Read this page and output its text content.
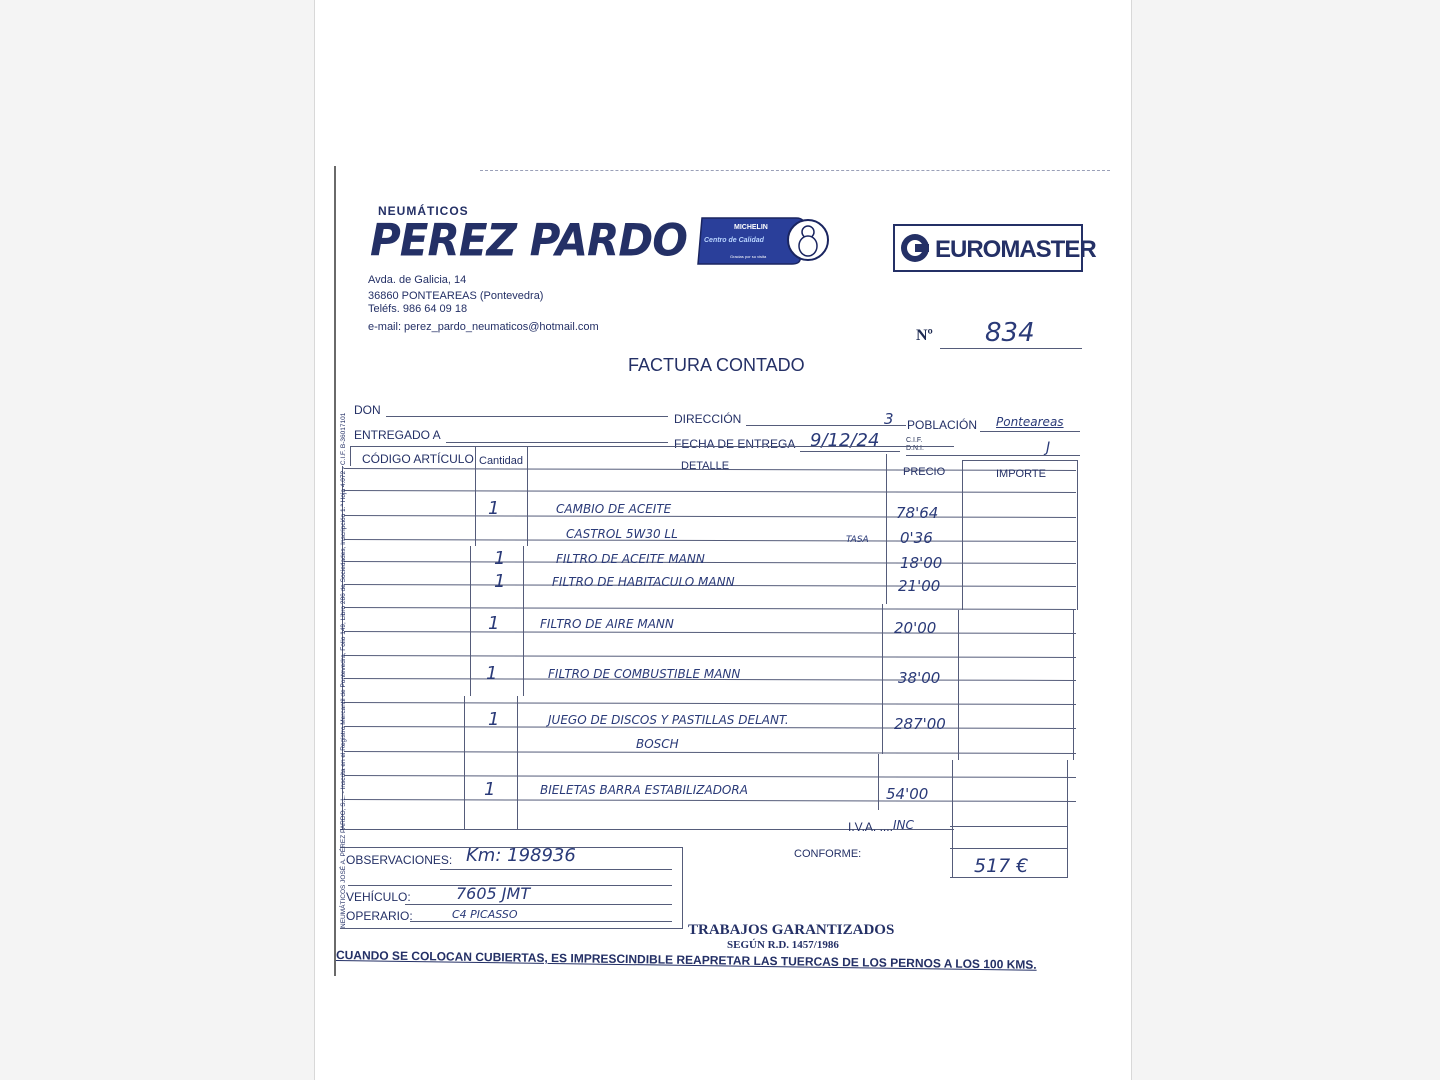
NEUMÁTICOS
PEREZ PARDO
Avda. de Galicia, 14
36860 PONTEAREAS (Pontevedra)
Teléfs. 986 64 09 18
e-mail: perez_pardo_neumaticos@hotmail.com
MICHELIN
Centro de Calidad
Gracias por su visita	EUROMASTER
Nº 834
FACTURA CONTADO
DON
DIRECCIÓN	3 POBLACIÓN Ponteareas
ENTREGADO A
FECHA DE ENTREGA 9/12/24	C.I.F.
D.N.I.	J
CÓDIGO ARTÍCULO Cantidad	DETALLE	PRECIO	IMPORTE
1	CAMBIO DE ACEITE	78'64
CASTROL 5W30 LL	0'36
TASA
1	FILTRO DE ACEITE MANN	18'00
1	FILTRO DE HABITACULO MANN	21'00
1	FILTRO DE AIRE MANN	20'00
1	FILTRO DE COMBUSTIBLE MANN	38'00
1	JUEGO DE DISCOS Y PASTILLAS DELANT.	287'00
BOSCH
1	BIELETAS BARRA ESTABILIZADORA	54'00
I.V.A. .... INC
CONFORME:
517 €
OBSERVACIONES: Km: 198936
VEHÍCULO:	7605 JMT
OPERARIO:	C4 PICASSO
TRABAJOS GARANTIZADOS
SEGÚN R.D. 1457/1986
CUANDO SE COLOCAN CUBIERTAS, ES IMPRESCINDIBLE REAPRETAR LAS TUERCAS DE LOS PERNOS A LOS 100 KMS.
NEUMÁTICOS JOSÉ A. PÉREZ PARDO, S.L. - Inscrita en el Registro Mercantil de Pontevedra, Folio 149, Libro 286 de Sociedades, Inscripción 1.ª Hoja 4.072 - C.I.F. B-36017101
